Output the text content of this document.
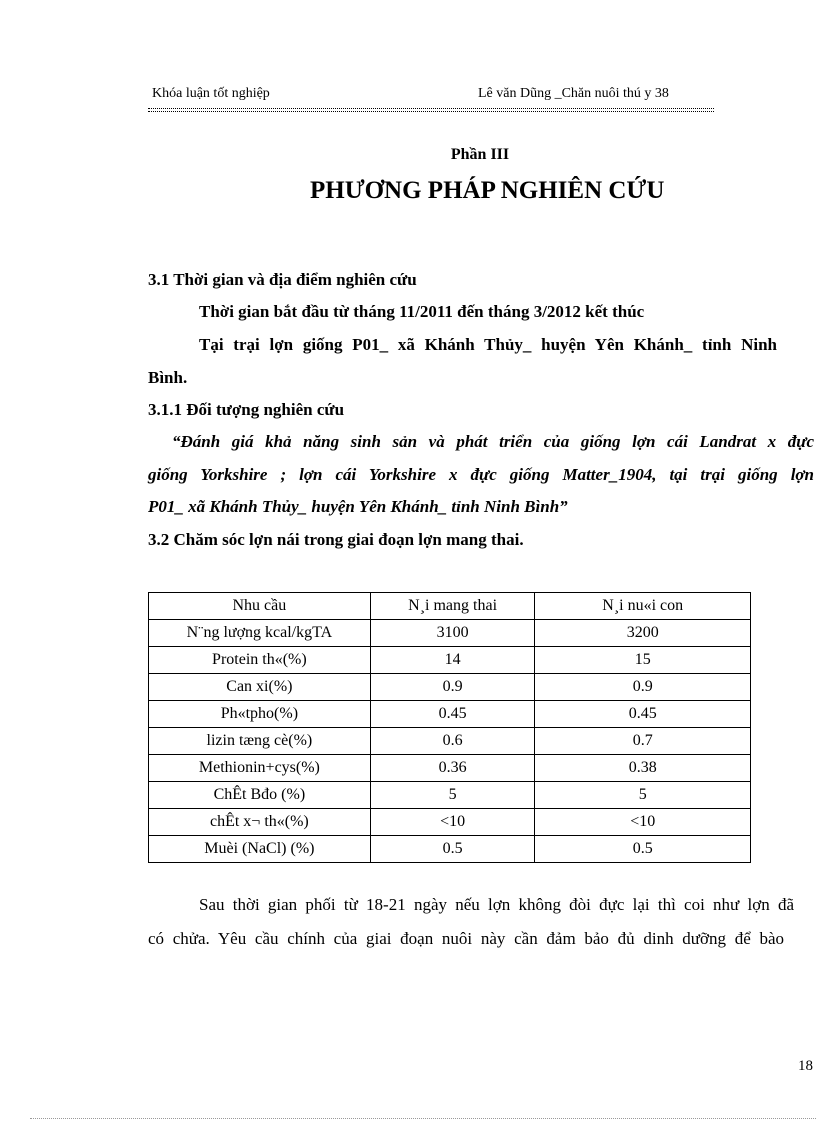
Khóa luận tốt nghiệp	Lê văn Dũng _Chăn nuôi thú y 38
Phần III
PHƯƠNG PHÁP NGHIÊN CỨU
3.1 Thời gian và địa điểm nghiên cứu
Thời gian bắt đầu từ tháng 11/2011 đến tháng 3/2012 kết thúc
Tại trại lợn giống P01_ xã Khánh Thủy_ huyện Yên Khánh_ tỉnh Ninh
Bình.
3.1.1 Đối tượng nghiên cứu
“Đánh giá khả năng sinh sản và phát triển của giống lợn cái Landrat x đực
giống Yorkshire ; lợn cái Yorkshire x đực giống Matter_1904, tại trại giống lợn
P01_ xã Khánh Thủy_ huyện Yên Khánh_ tỉnh Ninh Bình”
3.2 Chăm sóc lợn nái trong giai đoạn lợn mang thai.
Nhu cầu	N¸i mang thai	N¸i nu«i con
N¨ng lượng kcal/kgTA	3100	3200
Protein th«(%)	14	15
Can xi(%)	0.9	0.9
Ph«tpho(%)	0.45	0.45
lizin tæng cè(%)	0.6	0.7
Methionin+cys(%)	0.36	0.38
ChÊt Bđo (%)	5	5
chÊt x¬ th«(%)	<10	<10
Muèi (NaCl) (%)	0.5	0.5
Sau thời gian phối từ 18-21 ngày nếu lợn không đòi đực lại thì coi như lợn đã
có chửa. Yêu cầu chính của giai đoạn nuôi này cần đảm bảo đủ dinh dưỡng để bào
18
